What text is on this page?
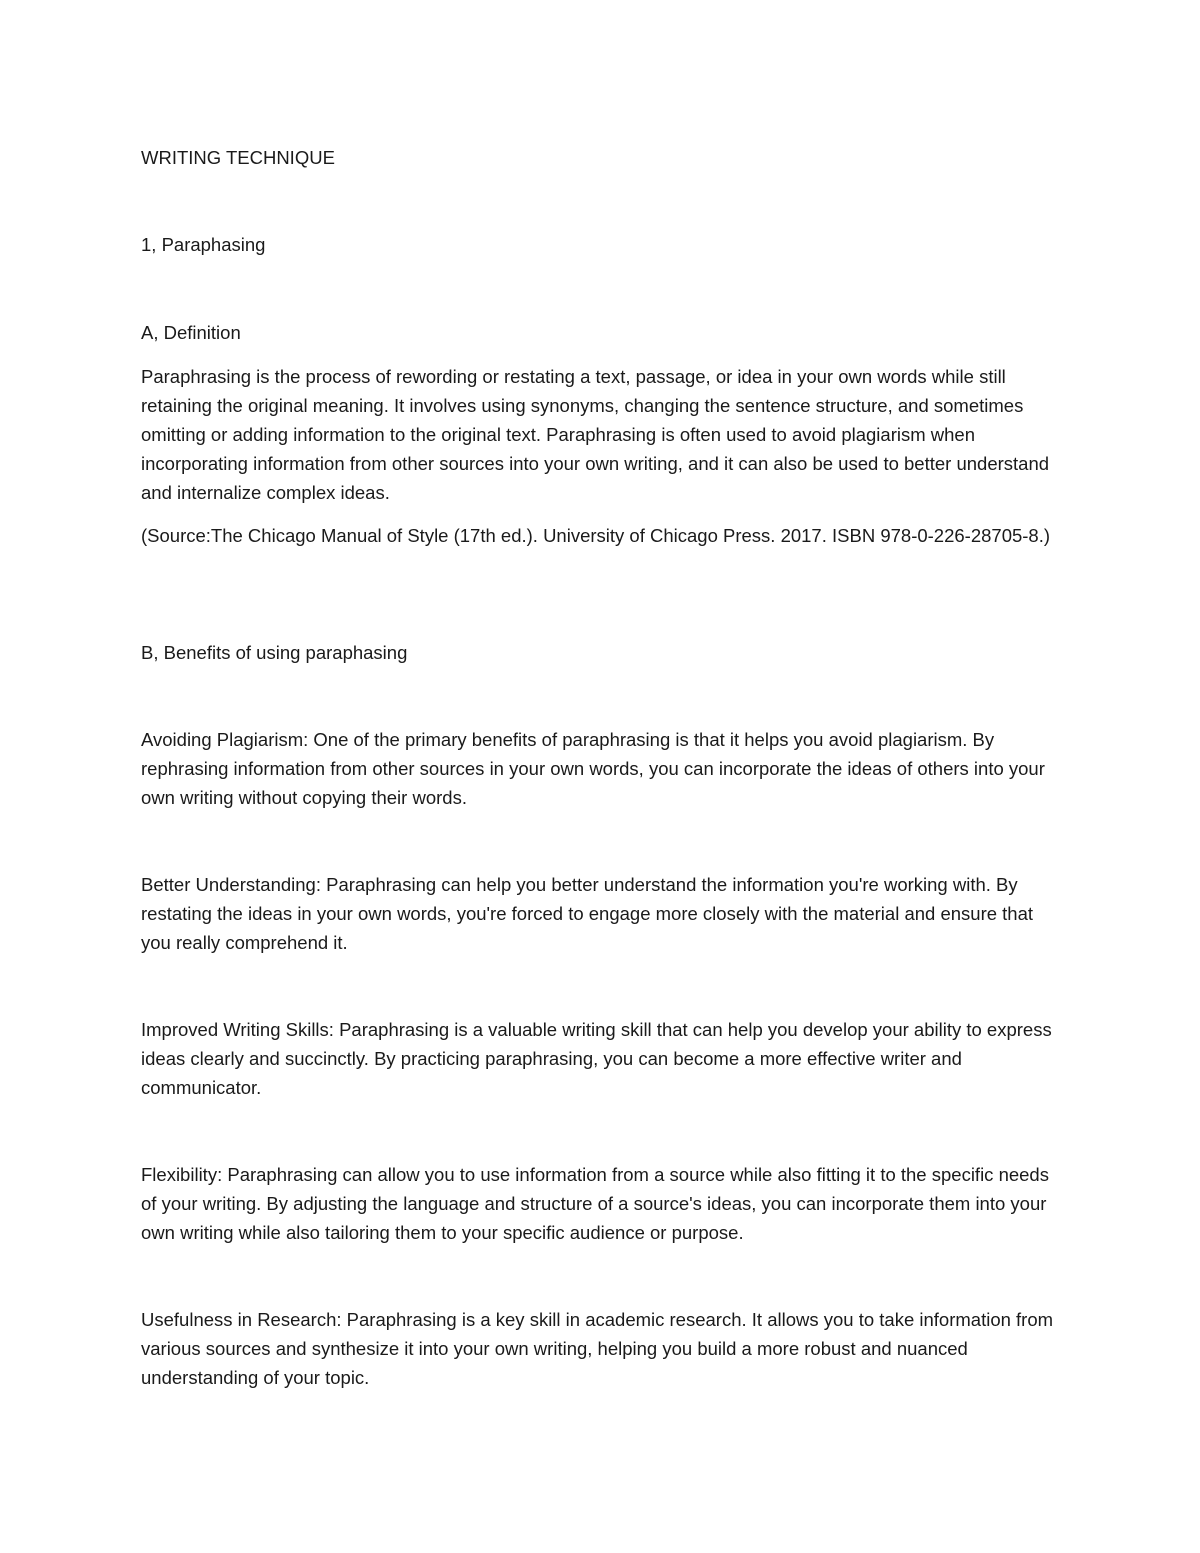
WRITING TECHNIQUE

1, Paraphasing

A, Definition

Paraphrasing is the process of rewording or restating a text, passage, or idea in your own words while still retaining the original meaning. It involves using synonyms, changing the sentence structure, and sometimes omitting or adding information to the original text. Paraphrasing is often used to avoid plagiarism when incorporating information from other sources into your own writing, and it can also be used to better understand and internalize complex ideas.

(Source:The Chicago Manual of Style (17th ed.). University of Chicago Press. 2017. ISBN 978-0-226-28705-8.)

B, Benefits of using paraphasing

Avoiding Plagiarism: One of the primary benefits of paraphrasing is that it helps you avoid plagiarism. By rephrasing information from other sources in your own words, you can incorporate the ideas of others into your own writing without copying their words.

Better Understanding: Paraphrasing can help you better understand the information you're working with. By restating the ideas in your own words, you're forced to engage more closely with the material and ensure that you really comprehend it.

Improved Writing Skills: Paraphrasing is a valuable writing skill that can help you develop your ability to express ideas clearly and succinctly. By practicing paraphrasing, you can become a more effective writer and communicator.

Flexibility: Paraphrasing can allow you to use information from a source while also fitting it to the specific needs of your writing. By adjusting the language and structure of a source's ideas, you can incorporate them into your own writing while also tailoring them to your specific audience or purpose.

Usefulness in Research: Paraphrasing is a key skill in academic research. It allows you to take information from various sources and synthesize it into your own writing, helping you build a more robust and nuanced understanding of your topic.
